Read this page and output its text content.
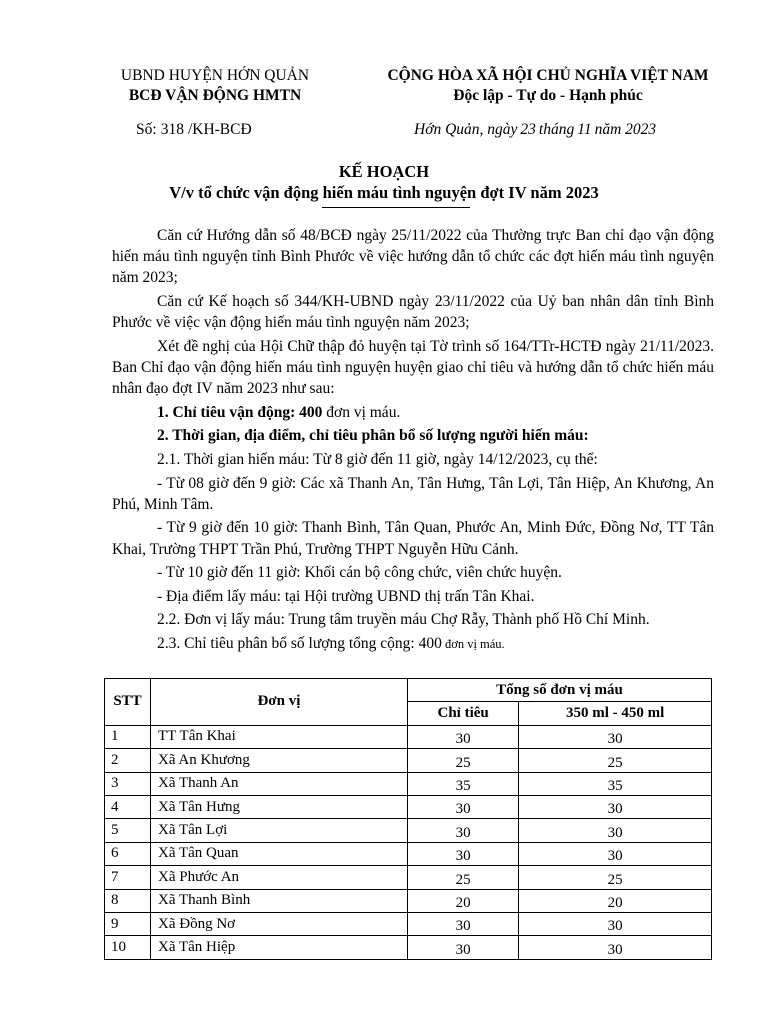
UBND HUYỆN HỚN QUẢN
BCĐ VẬN ĐỘNG HMTN
CỘNG HÒA XÃ HỘI CHỦ NGHĨA VIỆT NAM
Độc lập - Tự do - Hạnh phúc
Số: 318 /KH-BCĐ	Hớn Quản, ngày 23 tháng 11 năm 2023
KẾ HOẠCH
V/v tổ chức vận động hiến máu tình nguyện đợt IV năm 2023

Căn cứ Hướng dẫn số 48/BCĐ ngày 25/11/2022 của Thường trực Ban chỉ đạo vận động hiến máu tình nguyện tỉnh Bình Phước về việc hướng dẫn tổ chức các đợt hiến máu tình nguyện năm 2023;

Căn cứ Kế hoạch số 344/KH-UBND ngày 23/11/2022 của Uỷ ban nhân dân tỉnh Bình Phước về việc vận động hiến máu tình nguyện năm 2023;

Xét đề nghị của Hội Chữ thập đỏ huyện tại Tờ trình số 164/TTr-HCTĐ ngày 21/11/2023. Ban Chỉ đạo vận động hiến máu tình nguyện huyện giao chỉ tiêu và hướng dẫn tổ chức hiến máu nhân đạo đợt IV năm 2023 như sau:

1. Chỉ tiêu vận động: 400 đơn vị máu.

2. Thời gian, địa điểm, chỉ tiêu phân bổ số lượng người hiến máu:

2.1. Thời gian hiến máu: Từ 8 giờ đến 11 giờ, ngày 14/12/2023, cụ thể:

- Từ 08 giờ đến 9 giờ: Các xã Thanh An, Tân Hưng, Tân Lợi, Tân Hiệp, An Khương, An Phú, Minh Tâm.

- Từ 9 giờ đến 10 giờ: Thanh Bình, Tân Quan, Phước An, Minh Đức, Đồng Nơ, TT Tân Khai, Trường THPT Trần Phú, Trường THPT Nguyễn Hữu Cảnh.

- Từ 10 giờ đến 11 giờ: Khối cán bộ công chức, viên chức huyện.

- Địa điểm lấy máu: tại Hội trường UBND thị trấn Tân Khai.

2.2. Đơn vị lấy máu: Trung tâm truyền máu Chợ Rẫy, Thành phố Hồ Chí Minh.

2.3. Chỉ tiêu phân bổ số lượng tổng cộng: 400 đơn vị máu.

STT	Đơn vị	Tổng số đơn vị máu	
		Chỉ tiêu	350 ml - 450 ml
1	TT Tân Khai	30	30
2	Xã An Khương	25	25
3	Xã Thanh An	35	35
4	Xã Tân Hưng	30	30
5	Xã Tân Lợi	30	30
6	Xã Tân Quan	30	30
7	Xã Phước An	25	25
8	Xã Thanh Bình	20	20
9	Xã Đồng Nơ	30	30
10	Xã Tân Hiệp	30	30
